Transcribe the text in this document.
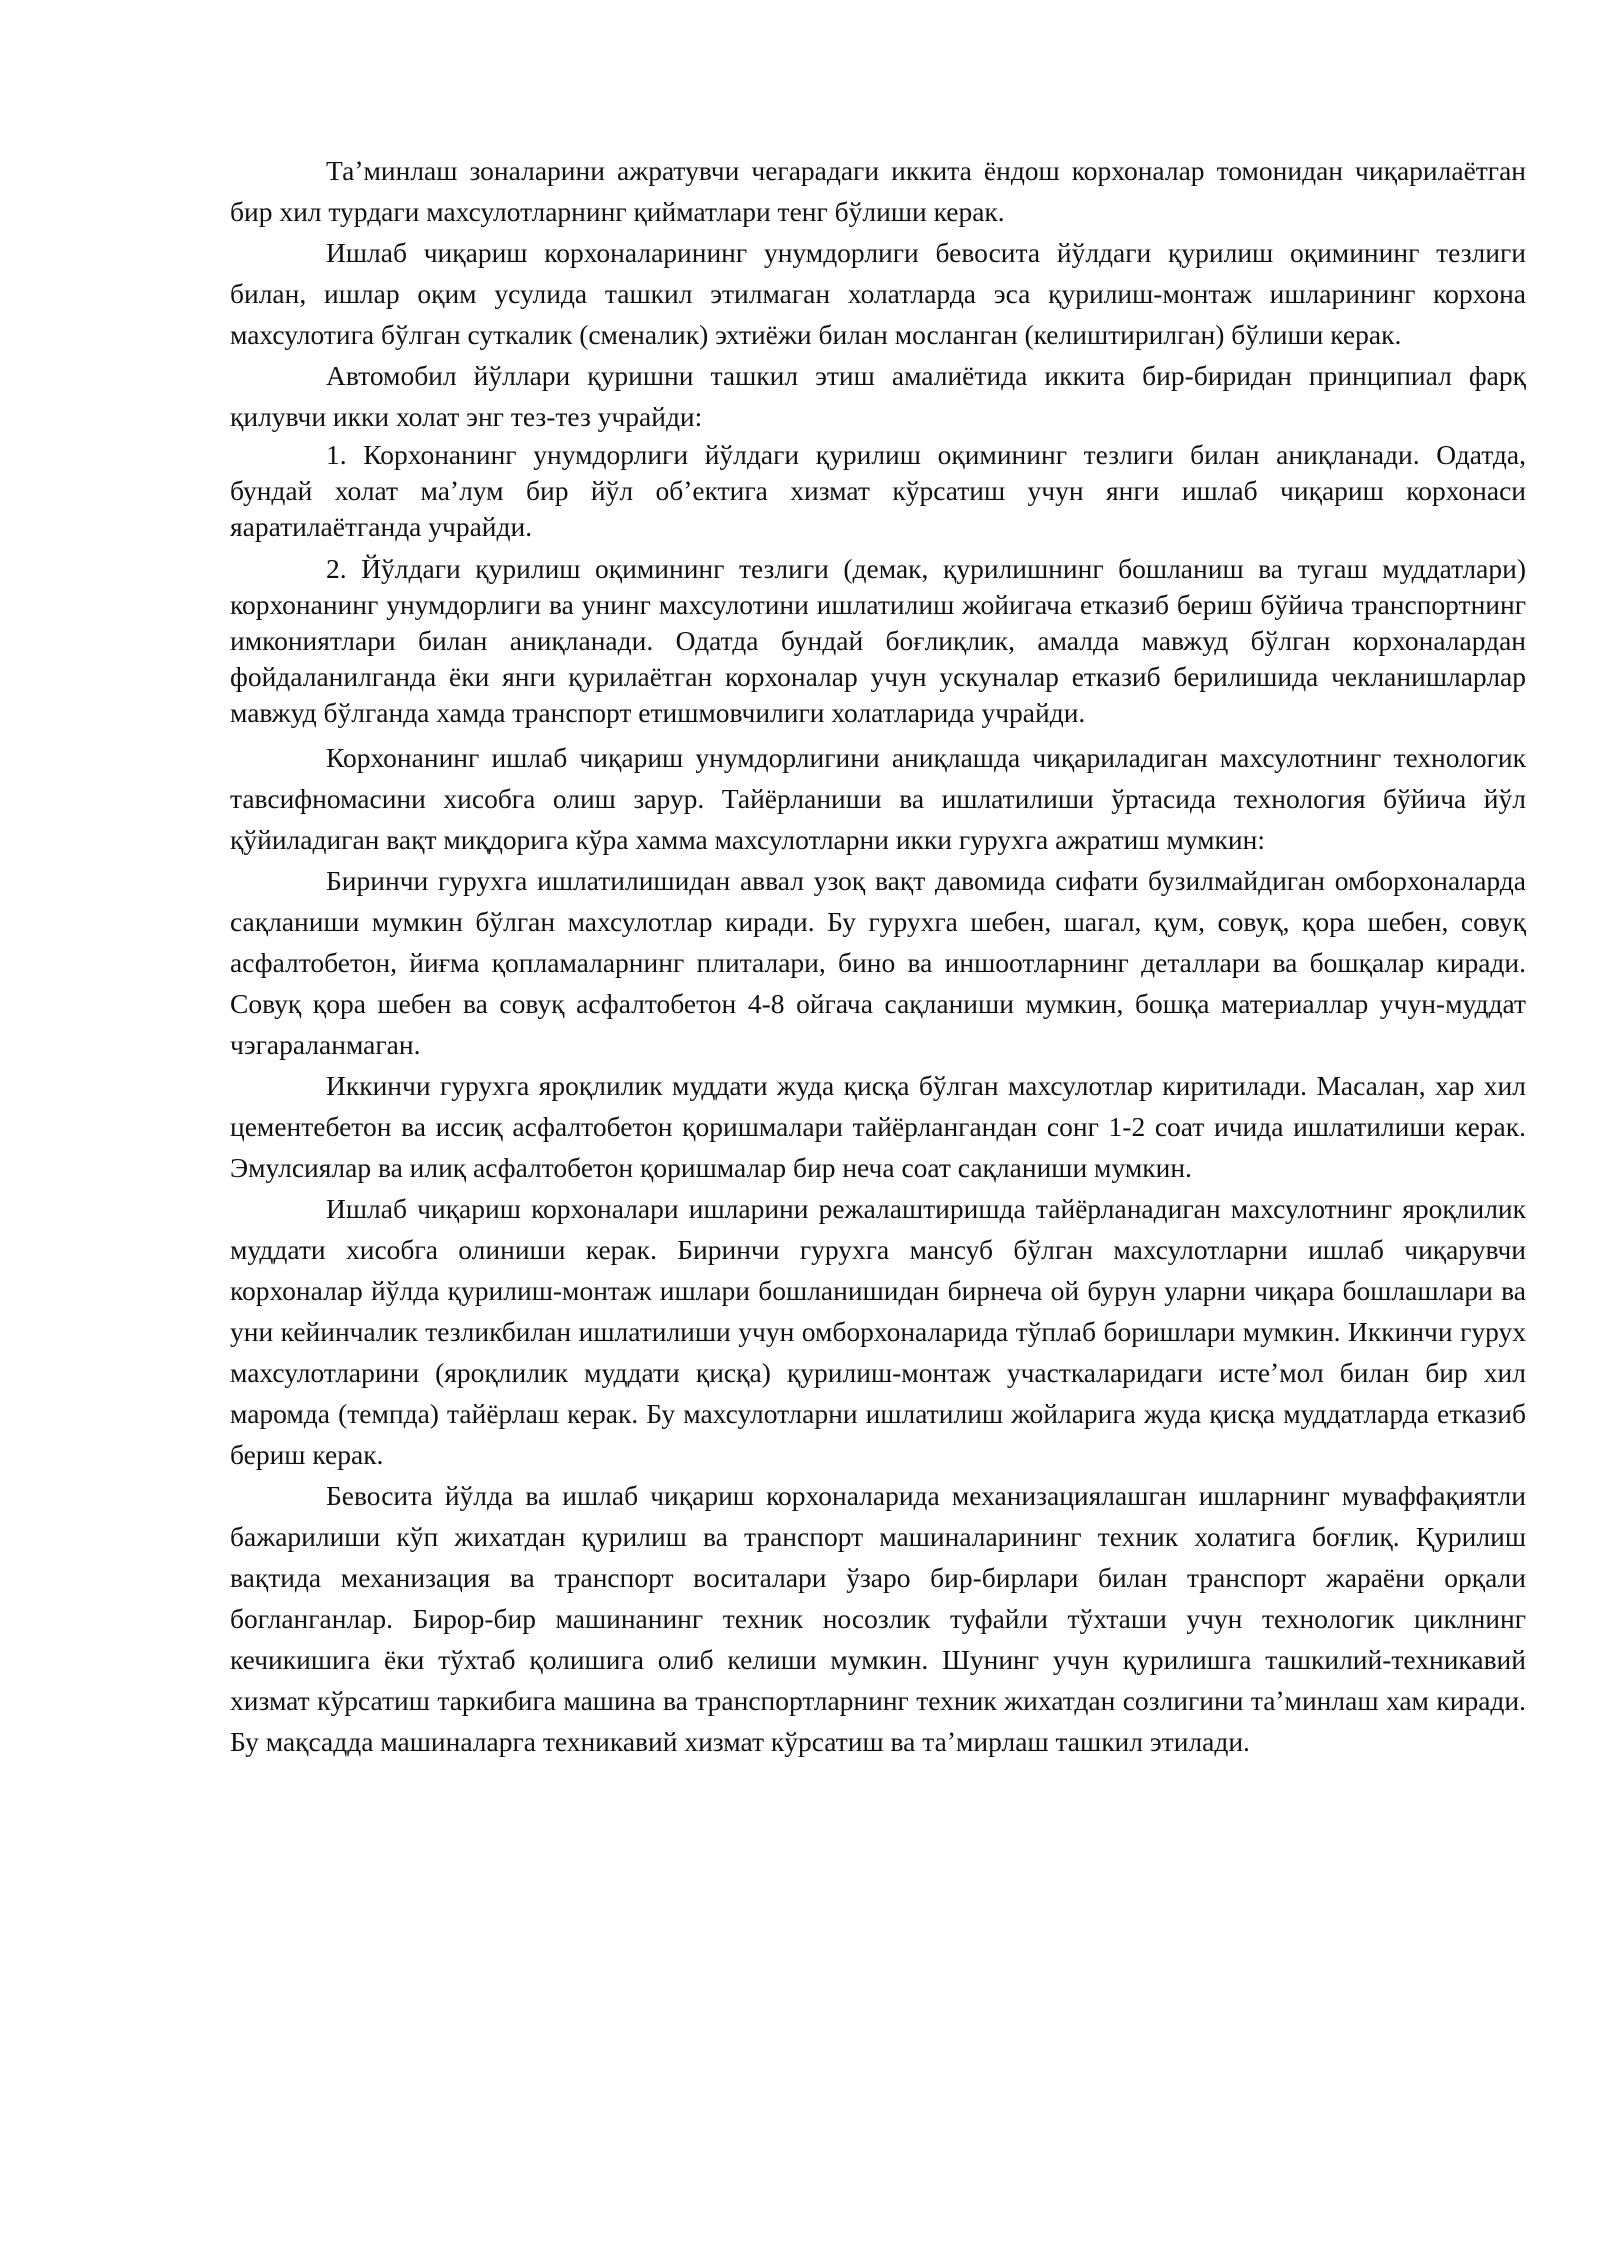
Таʼминлаш зоналарини ажратувчи чегарадаги иккита ёндош корхоналар томонидан чиқарилаётган бир хил турдаги махсулотларнинг қийматлари тенг бўлиши керак.

Ишлаб чиқариш корхоналарининг унумдорлиги бевосита йўлдаги қурилиш оқимининг тезлиги билан, ишлар оқим усулида ташкил этилмаган холатларда эса қурилиш-монтаж ишларининг корхона махсулотига бўлган суткалик (сменалик) эхтиёжи билан мосланган (келиштирилган) бўлиши керак.

Автомобил йўллари қуришни ташкил этиш амалиётида иккита бир-биридан принципиал фарқ қилувчи икки холат энг тез-тез учрайди:

1. Корхонанинг унумдорлиги йўлдаги қурилиш оқимининг тезлиги билан аниқланади. Одатда, бундай холат маʼлум бир йўл обʼектига хизмат кўрсатиш учун янги ишлаб чиқариш корхонаси яаратилаётганда учрайди.

2. Йўлдаги қурилиш оқимининг тезлиги (демак, қурилишнинг бошланиш ва тугаш муддатлари) корхонанинг унумдорлиги ва унинг махсулотини ишлатилиш жойигача етказиб бериш бўйича транспортнинг имкониятлари билан аниқланади. Одатда бундай боғлиқлик, амалда мавжуд бўлган корхоналардан фойдаланилганда ёки янги қурилаётган корхоналар учун ускуналар етказиб берилишида чекланишларлар мавжуд бўлганда хамда транспорт етишмовчилиги холатларида учрайди.

Корхонанинг ишлаб чиқариш унумдорлигини аниқлашда чиқариладиган махсулотнинг технологик тавсифномасини хисобга олиш зарур. Тайёрланиши ва ишлатилиши ўртасида технология бўйича йўл қўйиладиган вақт миқдорига кўра хамма махсулотларни икки гурухга ажратиш мумкин:

Биринчи гурухга ишлатилишидан аввал узоқ вақт давомида сифати бузилмайдиган омборхоналарда сақланиши мумкин бўлган махсулотлар киради. Бу гурухга шебен, шагал, қум, совуқ, қора шебен, совуқ асфалтобетон, йиғма қопламаларнинг плиталари, бино ва иншоотларнинг деталлари ва бошқалар киради. Совуқ қора шебен ва совуқ асфалтобетон 4-8 ойгача сақланиши мумкин, бошқа материаллар учун-муддат чэгараланмаган.

Иккинчи гурухга яроқлилик муддати жуда қисқа бўлган махсулотлар киритилади. Масалан, хар хил цементебетон ва иссиқ асфалтобетон қоришмалари тайёрлангандан сонг 1-2 соат ичида ишлатилиши керак. Эмулсиялар ва илиқ асфалтобетон қоришмалар бир неча соат сақланиши мумкин.

Ишлаб чиқариш корхоналари ишларини режалаштиришда тайёрланадиган махсулотнинг яроқлилик муддати хисобга олиниши керак. Биринчи гурухга мансуб бўлган махсулотларни ишлаб чиқарувчи корхоналар йўлда қурилиш-монтаж ишлари бошланишидан бирнеча ой бурун уларни чиқара бошлашлари ва уни кейинчалик тезликбилан ишлатилиши учун омборхоналарида тўплаб боришлари мумкин. Иккинчи гурух махсулотларини (яроқлилик муддати қисқа) қурилиш-монтаж участкаларидаги истеʼмол билан бир хил маромда (темпда) тайёрлаш керак. Бу махсулотларни ишлатилиш жойларига жуда қисқа муддатларда етказиб бериш керак.

Бевосита йўлда ва ишлаб чиқариш корхоналарида механизациялашган ишларнинг муваффақиятли бажарилиши кўп жихатдан қурилиш ва транспорт машиналарининг техник холатига боғлиқ. Қурилиш вақтида механизация ва транспорт воситалари ўзаро бир-бирлари билан транспорт жараёни орқали богланганлар. Бирор-бир машинанинг техник носозлик туфайли тўхташи учун технологик циклнинг кечикишига ёки тўхтаб қолишига олиб келиши мумкин. Шунинг учун қурилишга ташкилий-техникавий хизмат кўрсатиш таркибига машина ва транспортларнинг техник жихатдан созлигини таʼминлаш хам киради. Бу мақсадда машиналарга техникавий хизмат кўрсатиш ва таʼмирлаш ташкил этилади.
